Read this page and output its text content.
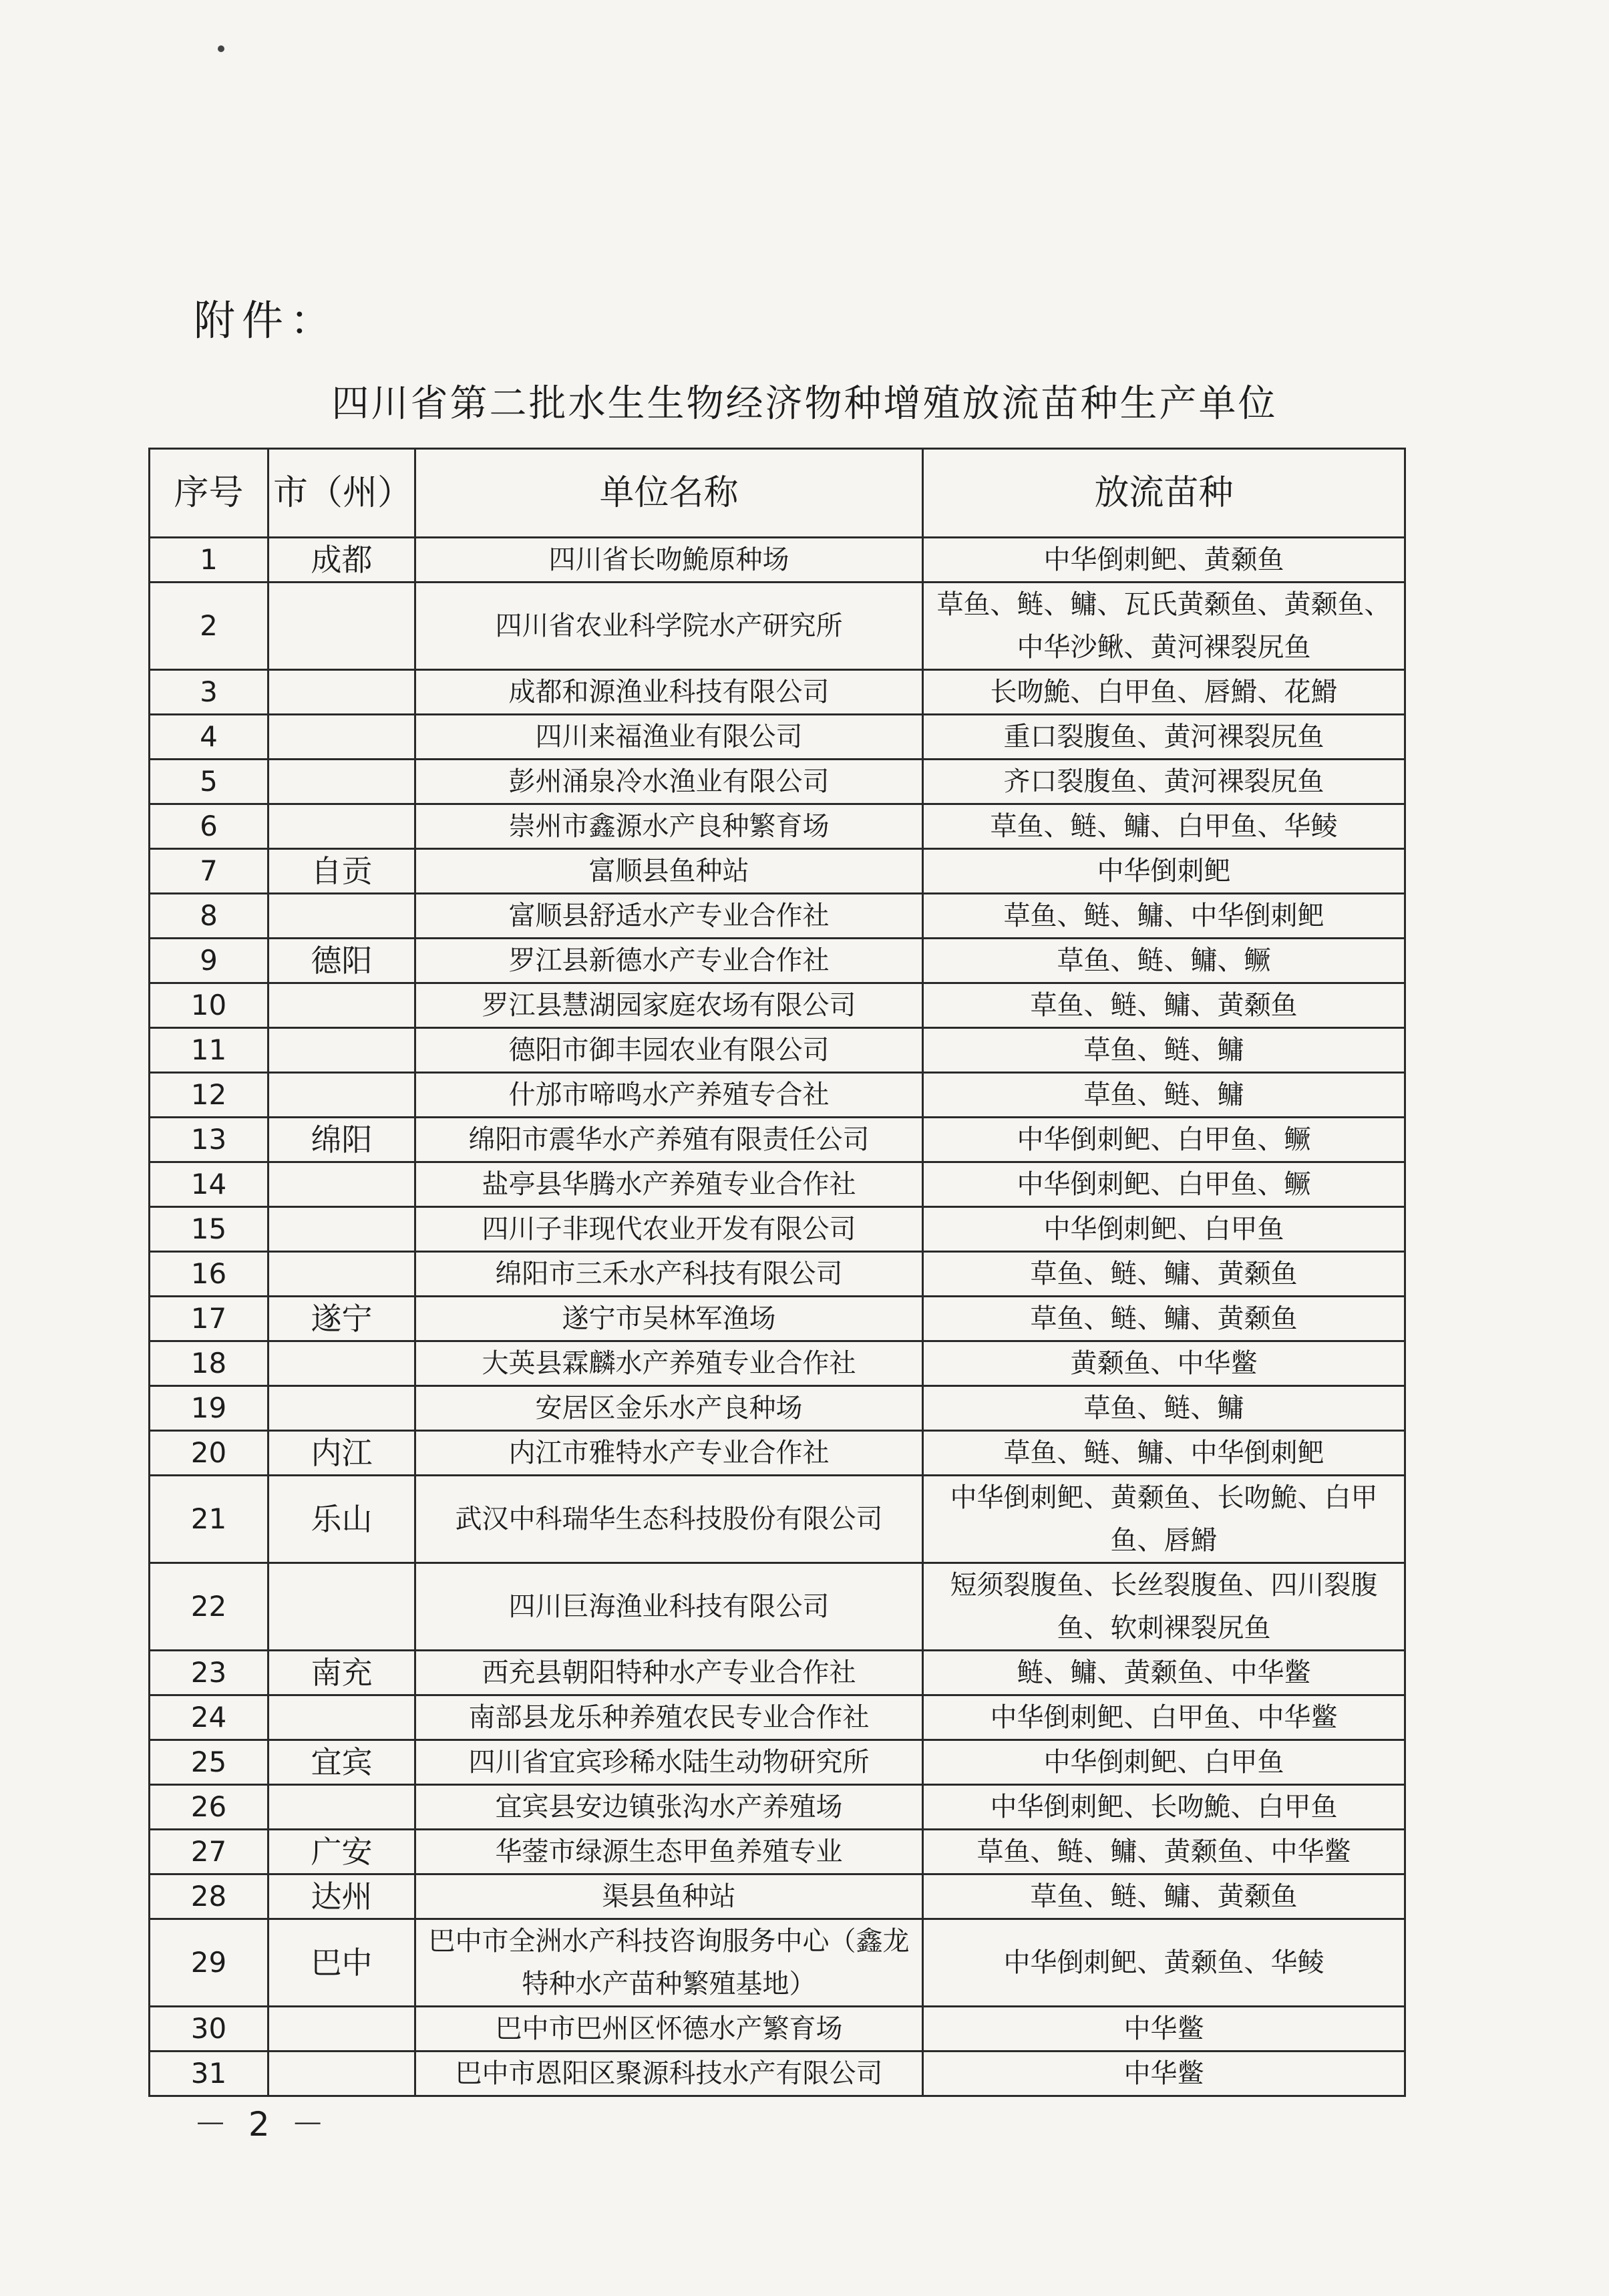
附件：
四川省第二批水生生物经济物种增殖放流苗种生产单位
序号	市（州）	单位名称	放流苗种
1	成都	四川省长吻鮠原种场	中华倒刺鲃、黄颡鱼
2		四川省农业科学院水产研究所	草鱼、鲢、鳙、瓦氏黄颡鱼、黄颡鱼、中华沙鳅、黄河裸裂尻鱼
3		成都和源渔业科技有限公司	长吻鮠、白甲鱼、唇䱻、花䱻
4		四川来福渔业有限公司	重口裂腹鱼、黄河裸裂尻鱼
5		彭州涌泉冷水渔业有限公司	齐口裂腹鱼、黄河裸裂尻鱼
6		崇州市鑫源水产良种繁育场	草鱼、鲢、鳙、白甲鱼、华鲮
7	自贡	富顺县鱼种站	中华倒刺鲃
8		富顺县舒适水产专业合作社	草鱼、鲢、鳙、中华倒刺鲃
9	德阳	罗江县新德水产专业合作社	草鱼、鲢、鳙、鳜
10		罗江县慧湖园家庭农场有限公司	草鱼、鲢、鳙、黄颡鱼
11		德阳市御丰园农业有限公司	草鱼、鲢、鳙
12		什邡市啼鸣水产养殖专合社	草鱼、鲢、鳙
13	绵阳	绵阳市震华水产养殖有限责任公司	中华倒刺鲃、白甲鱼、鳜
14		盐亭县华腾水产养殖专业合作社	中华倒刺鲃、白甲鱼、鳜
15		四川子非现代农业开发有限公司	中华倒刺鲃、白甲鱼
16		绵阳市三禾水产科技有限公司	草鱼、鲢、鳙、黄颡鱼
17	遂宁	遂宁市吴林军渔场	草鱼、鲢、鳙、黄颡鱼
18		大英县霖麟水产养殖专业合作社	黄颡鱼、中华鳖
19		安居区金乐水产良种场	草鱼、鲢、鳙
20	内江	内江市雅特水产专业合作社	草鱼、鲢、鳙、中华倒刺鲃
21	乐山	武汉中科瑞华生态科技股份有限公司	中华倒刺鲃、黄颡鱼、长吻鮠、白甲鱼、唇䱻
22		四川巨海渔业科技有限公司	短须裂腹鱼、长丝裂腹鱼、四川裂腹鱼、软刺裸裂尻鱼
23	南充	西充县朝阳特种水产专业合作社	鲢、鳙、黄颡鱼、中华鳖
24		南部县龙乐种养殖农民专业合作社	中华倒刺鲃、白甲鱼、中华鳖
25	宜宾	四川省宜宾珍稀水陆生动物研究所	中华倒刺鲃、白甲鱼
26		宜宾县安边镇张沟水产养殖场	中华倒刺鲃、长吻鮠、白甲鱼
27	广安	华蓥市绿源生态甲鱼养殖专业	草鱼、鲢、鳙、黄颡鱼、中华鳖
28	达州	渠县鱼种站	草鱼、鲢、鳙、黄颡鱼
29	巴中	巴中市全洲水产科技咨询服务中心（鑫龙特种水产苗种繁殖基地）	中华倒刺鲃、黄颡鱼、华鲮
30		巴中市巴州区怀德水产繁育场	中华鳖
31		巴中市恩阳区聚源科技水产有限公司	中华鳖
－ 2 －
